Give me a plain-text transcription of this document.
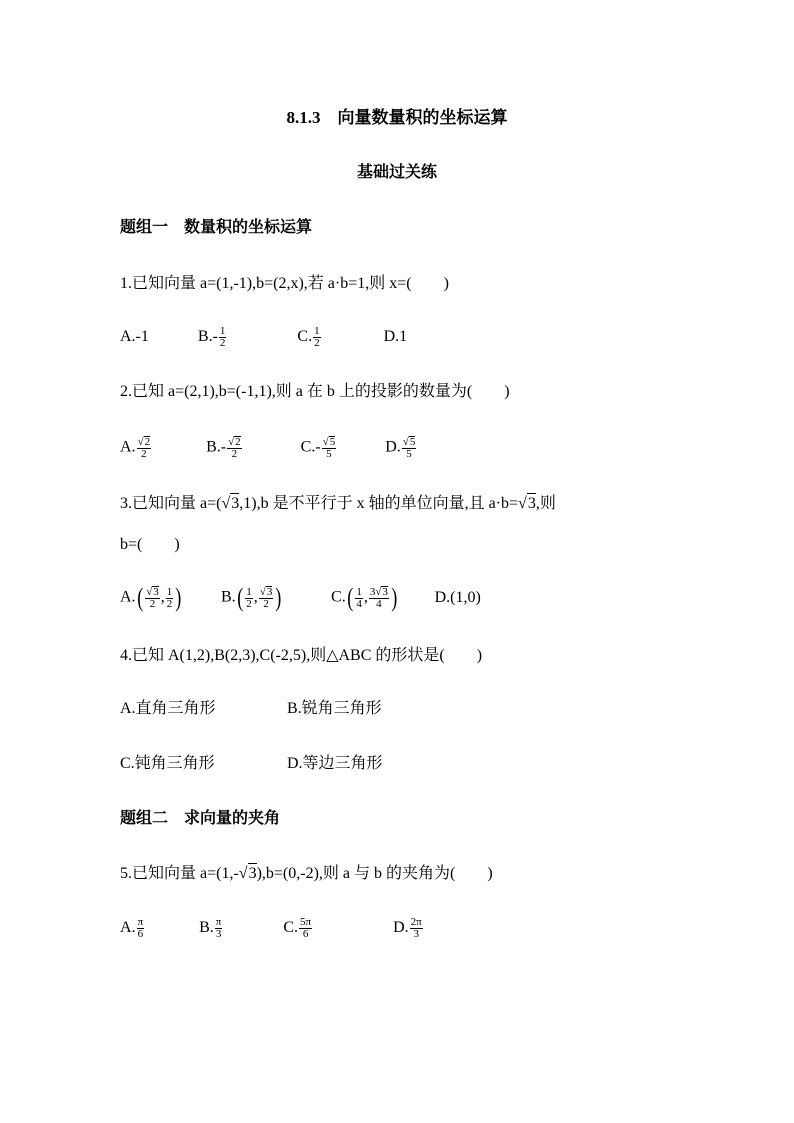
8.1.3　向量数量积的坐标运算
基础过关练
题组一　数量积的坐标运算
1.已知向量 a=(1,-1),b=(2,x),若 a·b=1,则 x=(　　)
A.-1	$B.- \frac{1}{2}$	C. $\frac{1}{2}$	D.1
2.已知 a=(2,1),b=(-1,1),则 a 在 b 上的投影的数量为(　　)
A. $\frac{√2}{2}$	$B.- \frac{√2}{2}$	$C.- \frac{√5}{5}$	D. $\frac{√5}{5}$
3.已知向量 a=(√3,1),b 是不平行于 x 轴的单位向量,且 a·b=√3,则
b=(　　)
$A.( \frac{√3}{2}$ , $\frac{1}{2}$ ) $B.( \frac{1}{2}$ , $\frac{√3}{2}$ )	$C.( \frac{1}{4}$ , $\frac{3√3}{4}$ ) D.(1,0)
4.已知 A(1,2),B(2,3),C(-2,5),则△ABC 的形状是(　　)
A.直角三角形	B.锐角三角形
C.钝角三角形	D.等边三角形
题组二　求向量的夹角
5.已知向量 a=(1,-√3),b=(0,-2),则 a 与 b 的夹角为(　　)
A. $\frac{\pi}{6}$	B. $\frac{\pi}{3}$	C. $\frac{5\pi}{6}$	D. $\frac{2\pi}{3}$
